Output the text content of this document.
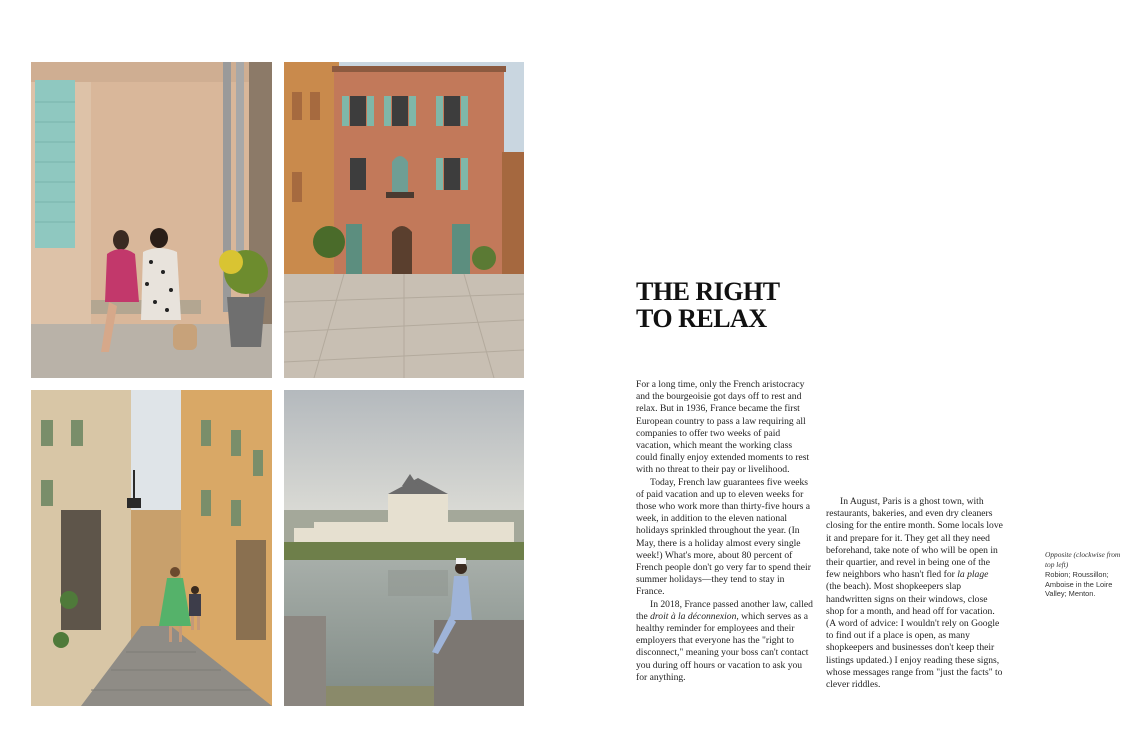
THE RIGHT
TO RELAX

For a long time, only the French aristocracy and the bourgeoisie got days off to rest and relax. But in 1936, France became the first European country to pass a law requiring all companies to offer two weeks of paid vacation, which meant the working class could finally enjoy extended moments to rest with no threat to their pay or livelihood.

Today, French law guarantees five weeks of paid vacation and up to eleven weeks for those who work more than thirty-five hours a week, in addition to the eleven national holidays sprinkled throughout the year. (In May, there is a holiday almost every single week!) What's more, about 80 percent of French people don't go very far to spend their summer holidays—they tend to stay in France.

In 2018, France passed another law, called the droit à la déconnexion, which serves as a healthy reminder for employees and their employers that everyone has the "right to disconnect," meaning your boss can't contact you during off hours or vacation to ask you for anything.

In August, Paris is a ghost town, with restaurants, bakeries, and even dry cleaners closing for the entire month. Some locals love it and prepare for it. They get all they need beforehand, take note of who will be open in their quartier, and revel in being one of the few neighbors who hasn't fled for la plage (the beach). Most shopkeepers slap handwritten signs on their windows, close shop for a month, and head off for vacation. (A word of advice: I wouldn't rely on Google to find out if a place is open, as many shopkeepers and businesses don't keep their listings updated.) I enjoy reading these signs, whose messages range from "just the facts" to clever riddles.

Opposite (clockwise from top left)
Robion; Roussillon; Amboise in the Loire Valley; Menton.
